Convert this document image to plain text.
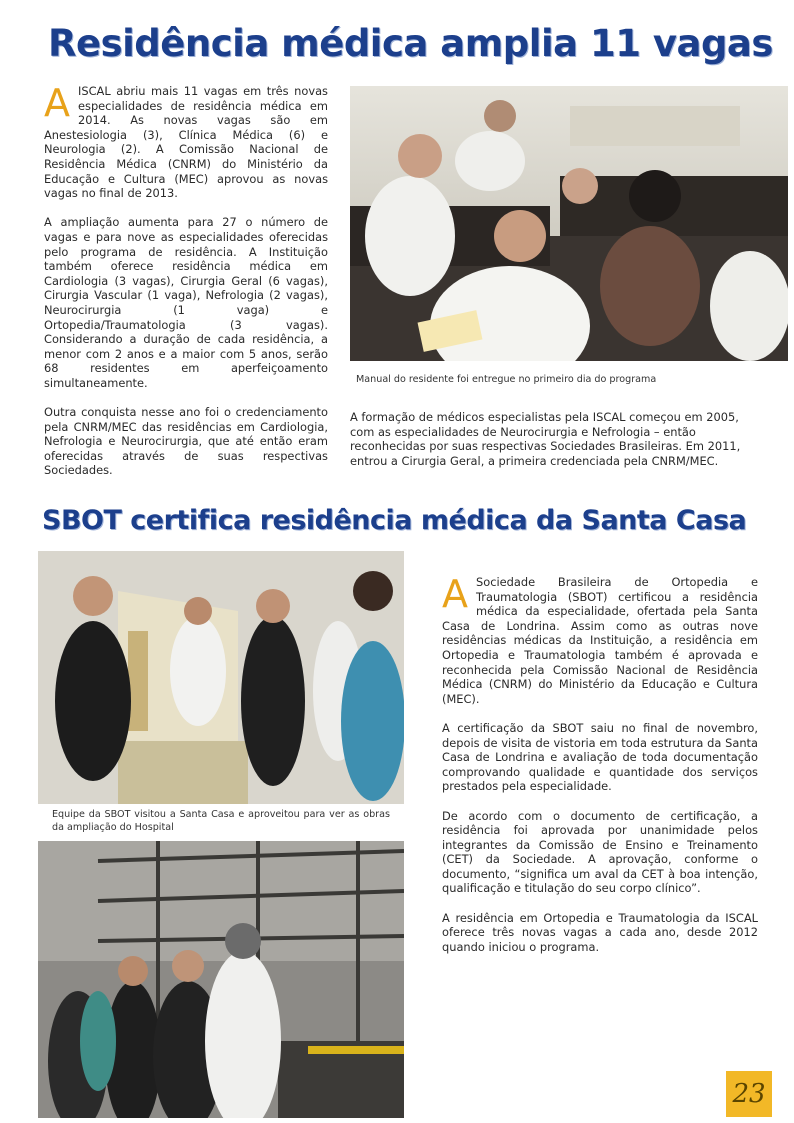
Residência médica amplia 11 vagas

A ISCAL abriu mais 11 vagas em três novas especialidades de residência médica em 2014. As novas vagas são em Anestesiologia (3), Clínica Médica (6) e Neurologia (2). A Comissão Nacional de Residência Médica (CNRM) do Ministério da Educação e Cultura (MEC) aprovou as novas vagas no final de 2013.

A ampliação aumenta para 27 o número de vagas e para nove as especialidades oferecidas pelo programa de residência. A Instituição também oferece residência médica em Cardiologia (3 vagas), Cirurgia Geral (6 vagas), Cirurgia Vascular (1 vaga), Nefrologia (2 vagas), Neurocirurgia (1 vaga) e Ortopedia/Traumatologia (3 vagas). Considerando a duração de cada residência, a menor com 2 anos e a maior com 5 anos, serão 68 residentes em aperfeiçoamento simultaneamente.

Outra conquista nesse ano foi o credenciamento pela CNRM/MEC das residências em Cardiologia, Nefrologia e Neurocirurgia, que até então eram oferecidas através de suas respectivas Sociedades.

Manual do residente foi entregue no primeiro dia do programa

A formação de médicos especialistas pela ISCAL começou em 2005, com as especialidades de Neurocirurgia e Nefrologia – então reconhecidas por suas respectivas Sociedades Brasileiras. Em 2011, entrou a Cirurgia Geral, a primeira credenciada pela CNRM/MEC.

SBOT certifica residência médica da Santa Casa

Equipe da SBOT visitou a Santa Casa e aproveitou para ver as obras da ampliação do Hospital

A Sociedade Brasileira de Ortopedia e Traumatologia (SBOT) certificou a residência médica da especialidade, ofertada pela Santa Casa de Londrina. Assim como as outras nove residências médicas da Instituição, a residência em Ortopedia e Traumatologia também é aprovada e reconhecida pela Comissão Nacional de Residência Médica (CNRM) do Ministério da Educação e Cultura (MEC).

A certificação da SBOT saiu no final de novembro, depois de visita de vistoria em toda estrutura da Santa Casa de Londrina e avaliação de toda documentação comprovando qualidade e quantidade dos serviços prestados pela especialidade.

De acordo com o documento de certificação, a residência foi aprovada por unanimidade pelos integrantes da Comissão de Ensino e Treinamento (CET) da Sociedade. A aprovação, conforme o documento, “significa um aval da CET à boa intenção, qualificação e titulação do seu corpo clínico”.

A residência em Ortopedia e Traumatologia da ISCAL oferece três novas vagas a cada ano, desde 2012 quando iniciou o programa.

23
